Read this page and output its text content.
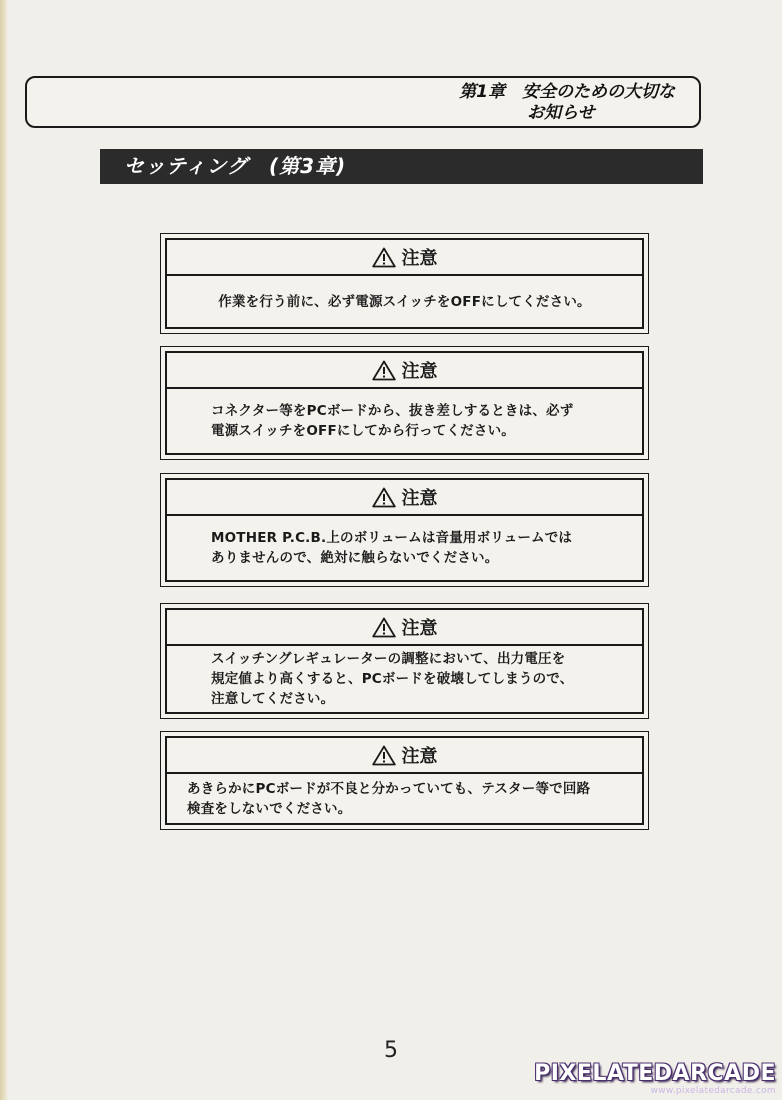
第1章　安全のための大切な
お知らせ
セッティング　(第3章)
注意
作業を行う前に、必ず電源スイッチをOFFにしてください。
注意
コネクター等をPCボードから、抜き差しするときは、必ず
電源スイッチをOFFにしてから行ってください。
注意
MOTHER P.C.B.上のボリュームは音量用ボリュームでは
ありませんので、絶対に触らないでください。
注意
スイッチングレギュレーターの調整において、出力電圧を
規定値より高くすると、PCボードを破壊してしまうので、
注意してください。
注意
あきらかにPCボードが不良と分かっていても、テスター等で回路
検査をしないでください。
5
PIXELATEDARCADE
www.pixelatedarcade.com
